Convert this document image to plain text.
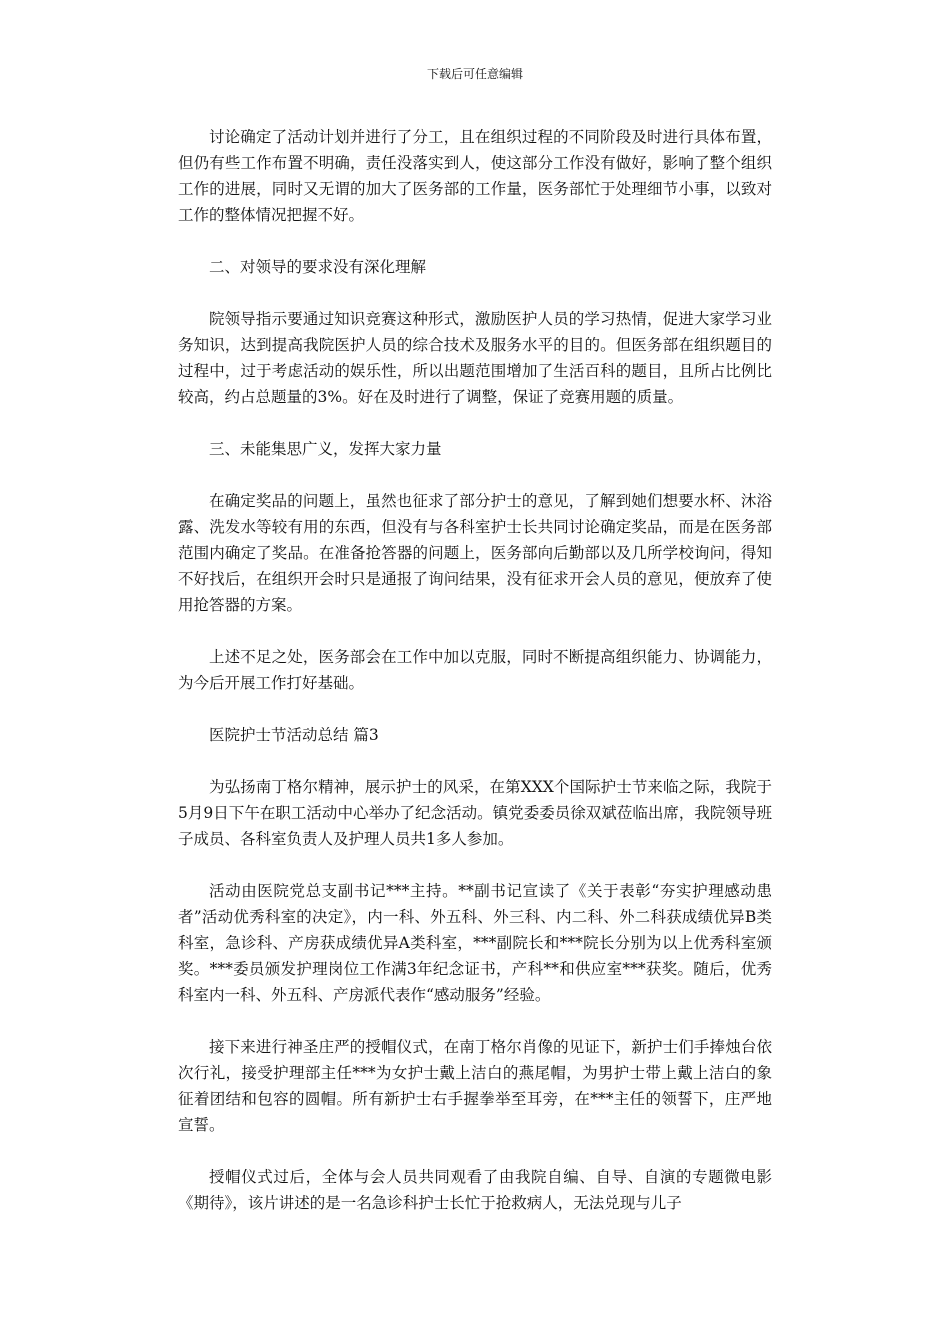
下载后可任意编辑

讨论确定了活动计划并进行了分工，且在组织过程的不同阶段及时进行具体布置，但仍有些工作布置不明确，责任没落实到人，使这部分工作没有做好，影响了整个组织工作的进展，同时又无谓的加大了医务部的工作量，医务部忙于处理细节小事，以致对工作的整体情况把握不好。

二、对领导的要求没有深化理解

院领导指示要通过知识竞赛这种形式，激励医护人员的学习热情，促进大家学习业务知识，达到提高我院医护人员的综合技术及服务水平的目的。但医务部在组织题目的过程中，过于考虑活动的娱乐性，所以出题范围增加了生活百科的题目，且所占比例比较高，约占总题量的3%。好在及时进行了调整，保证了竞赛用题的质量。

三、未能集思广义，发挥大家力量

在确定奖品的问题上，虽然也征求了部分护士的意见，了解到她们想要水杯、沐浴露、洗发水等较有用的东西，但没有与各科室护士长共同讨论确定奖品，而是在医务部范围内确定了奖品。在准备抢答器的问题上，医务部向后勤部以及几所学校询问，得知不好找后，在组织开会时只是通报了询问结果，没有征求开会人员的意见，便放弃了使用抢答器的方案。

上述不足之处，医务部会在工作中加以克服，同时不断提高组织能力、协调能力，为今后开展工作打好基础。

医院护士节活动总结 篇3

为弘扬南丁格尔精神，展示护士的风采，在第XXX个国际护士节来临之际，我院于5月9日下午在职工活动中心举办了纪念活动。镇党委委员徐双斌莅临出席，我院领导班子成员、各科室负责人及护理人员共1多人参加。

活动由医院党总支副书记***主持。**副书记宣读了《关于表彰“夯实护理感动患者”活动优秀科室的决定》，内一科、外五科、外三科、内二科、外二科获成绩优异B类科室，急诊科、产房获成绩优异A类科室，***副院长和***院长分别为以上优秀科室颁奖。***委员颁发护理岗位工作满3年纪念证书，产科**和供应室***获奖。随后，优秀科室内一科、外五科、产房派代表作“感动服务”经验。

接下来进行神圣庄严的授帽仪式，在南丁格尔肖像的见证下，新护士们手捧烛台依次行礼，接受护理部主任***为女护士戴上洁白的燕尾帽，为男护士带上戴上洁白的象征着团结和包容的圆帽。所有新护士右手握拳举至耳旁，在***主任的领誓下，庄严地宣誓。

授帽仪式过后，全体与会人员共同观看了由我院自编、自导、自演的专题微电影《期待》，该片讲述的是一名急诊科护士长忙于抢救病人，无法兑现与儿子
